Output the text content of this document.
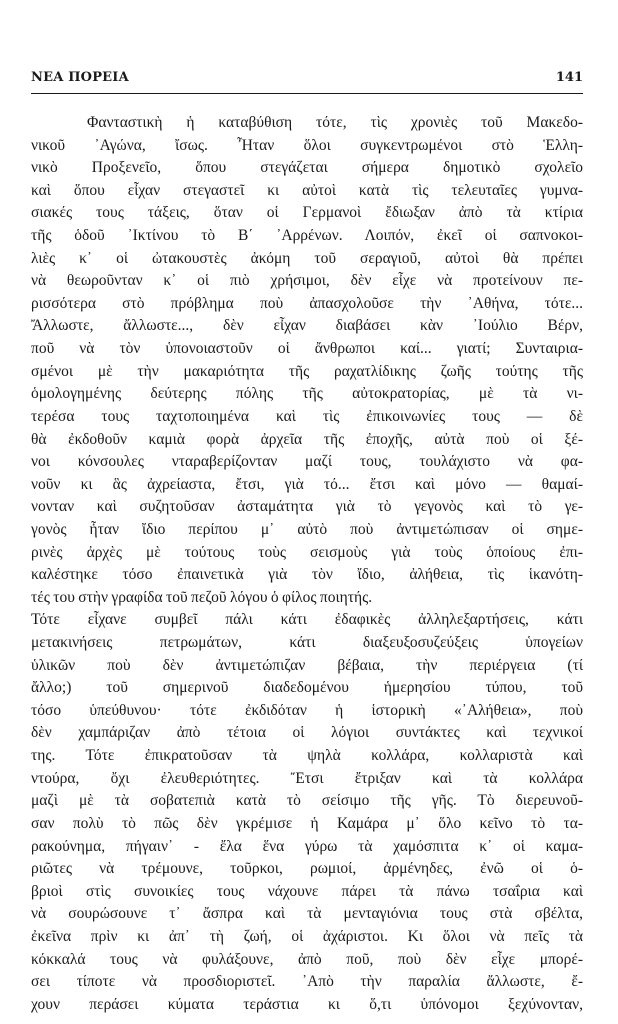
ΝΕΑ ΠΟΡΕΙΑ	141
Φανταστικὴ ἡ καταβύθιση τότε, τὶς χρονιὲς τοῦ Μακεδο-
νικοῦ ᾿Αγώνα, ἴσως. Ἦταν ὅλοι συγκεντρωμένοι στὸ Ἑλλη-
νικὸ Προξενεῖο, ὅπου στεγάζεται σήμερα δημοτικὸ σχολεῖο
καὶ ὅπου εἶχαν στεγαστεῖ κι αὐτοὶ κατὰ τὶς τελευταῖες γυμνα-
σιακές τους τάξεις, ὅταν οἱ Γερμανοὶ ἔδιωξαν ἀπὸ τὰ κτίρια
τῆς ὁδοῦ ᾿Ικτίνου τὸ Β΄ ᾿Αρρένων. Λοιπόν, ἐκεῖ οἱ σαπνοκοι-
λιὲς κ᾿ οἱ ὠτακουστὲς ἀκόμη τοῦ σεραγιοῦ, αὐτοὶ θὰ πρέπει
νὰ θεωροῦνταν κ᾿ οἱ πιὸ χρήσιμοι, δὲν εἶχε νὰ προτείνουν πε-
ρισσότερα στὸ πρόβλημα ποὺ ἀπασχολοῦσε τὴν ᾿Αθήνα, τότε...
Ἄλλωστε, ἄλλωστε..., δὲν εἶχαν διαβάσει κὰν ᾿Ιούλιο Βέρν,
ποῦ νὰ τὸν ὑπονοιαστοῦν οἱ ἄνθρωποι καί... γιατί; Συνταιρια-
σμένοι μὲ τὴν μακαριότητα τῆς ραχατλίδικης ζωῆς τούτης τῆς
ὁμολογημένης δεύτερης πόλης τῆς αὐτοκρατορίας, μὲ τὰ νι-
τερέσα τους ταχτοποιημένα καὶ τὶς ἐπικοινωνίες τους — δὲ
θὰ ἐκδοθοῦν καμιὰ φορὰ ἀρχεῖα τῆς ἐποχῆς, αὐτὰ ποὺ οἱ ξέ-
νοι κόνσουλες νταραβερίζονταν μαζί τους, τουλάχιστο νὰ φα-
νοῦν κι ἃς ἀχρείαστα, ἔτσι, γιὰ τό... ἔτσι καὶ μόνο — θαμαί-
νονταν καὶ συζητοῦσαν ἀσταμάτητα γιὰ τὸ γεγονὸς καὶ τὸ γε-
γονὸς ἦταν ἴδιο περίπου μ᾿ αὐτὸ ποὺ ἀντιμετώπισαν οἱ σημε-
ρινὲς ἀρχὲς μὲ τούτους τοὺς σεισμοὺς γιὰ τοὺς ὁποίους ἐπι-
καλέστηκε τόσο ἐπαινετικὰ γιὰ τὸν ἴδιο, ἀλήθεια, τὶς ἱκανότη-
τές του στὴν γραφίδα τοῦ πεζοῦ λόγου ὁ φίλος ποιητής.
Τότε εἶχανε συμβεῖ πάλι κάτι ἐδαφικὲς ἀλληλεξαρτήσεις, κάτι
μετακινήσεις πετρωμάτων, κάτι διαξευξοσυζεύξεις ὑπογείων
ὑλικῶν ποὺ δὲν ἀντιμετώπιζαν βέβαια, τὴν περιέργεια (τί
ἄλλο;) τοῦ σημερινοῦ διαδεδομένου ἡμερησίου τύπου, τοῦ
τόσο ὑπεύθυνου· τότε ἐκδιδόταν ἡ ἱστορικὴ «᾿Αλήθεια», ποὺ
δὲν χαμπάριζαν ἀπὸ τέτοια οἱ λόγιοι συντάκτες καὶ τεχνικοί
της. Τότε ἐπικρατοῦσαν τὰ ψηλὰ κολλάρα, κολλαριστὰ καὶ
ντούρα, ὄχι ἐλευθεριότητες. Ἔτσι ἔτριξαν καὶ τὰ κολλάρα
μαζὶ μὲ τὰ σοβατεπιὰ κατὰ τὸ σείσιμο τῆς γῆς. Τὸ διερευνοῦ-
σαν πολὺ τὸ πῶς δὲν γκρέμισε ἡ Καμάρα μ᾿ ὅλο κεῖνο τὸ τα-
ρακούνημα, πήγαιν᾿ - ἔλα ἕνα γύρω τὰ χαμόσπιτα κ᾿ οἱ καμα-
ριῶτες νὰ τρέμουνε, τοῦρκοι, ρωμιοί, ἀρμένηδες, ἐνῶ οἱ ὁ-
βριοὶ στὶς συνοικίες τους νάχουνε πάρει τὰ πάνω τσαΐρια καὶ
νὰ σουρώσουνε τ᾿ ἄσπρα καὶ τὰ μενταγιόνια τους στὰ σβέλτα,
ἐκεῖνα πρὶν κι ἀπ᾿ τὴ ζωή, οἱ ἀχάριστοι. Κι ὅλοι νὰ πεῖς τὰ
κόκκαλά τους νὰ φυλάξουνε, ἀπὸ ποῦ, ποὺ δὲν εἶχε μπορέ-
σει τίποτε νὰ προσδιοριστεῖ. ᾿Απὸ τὴν παραλία ἄλλωστε, ἔ-
χουν περάσει κύματα τεράστια κι ὅ,τι ὑπόνομοι ξεχύνονταν,
